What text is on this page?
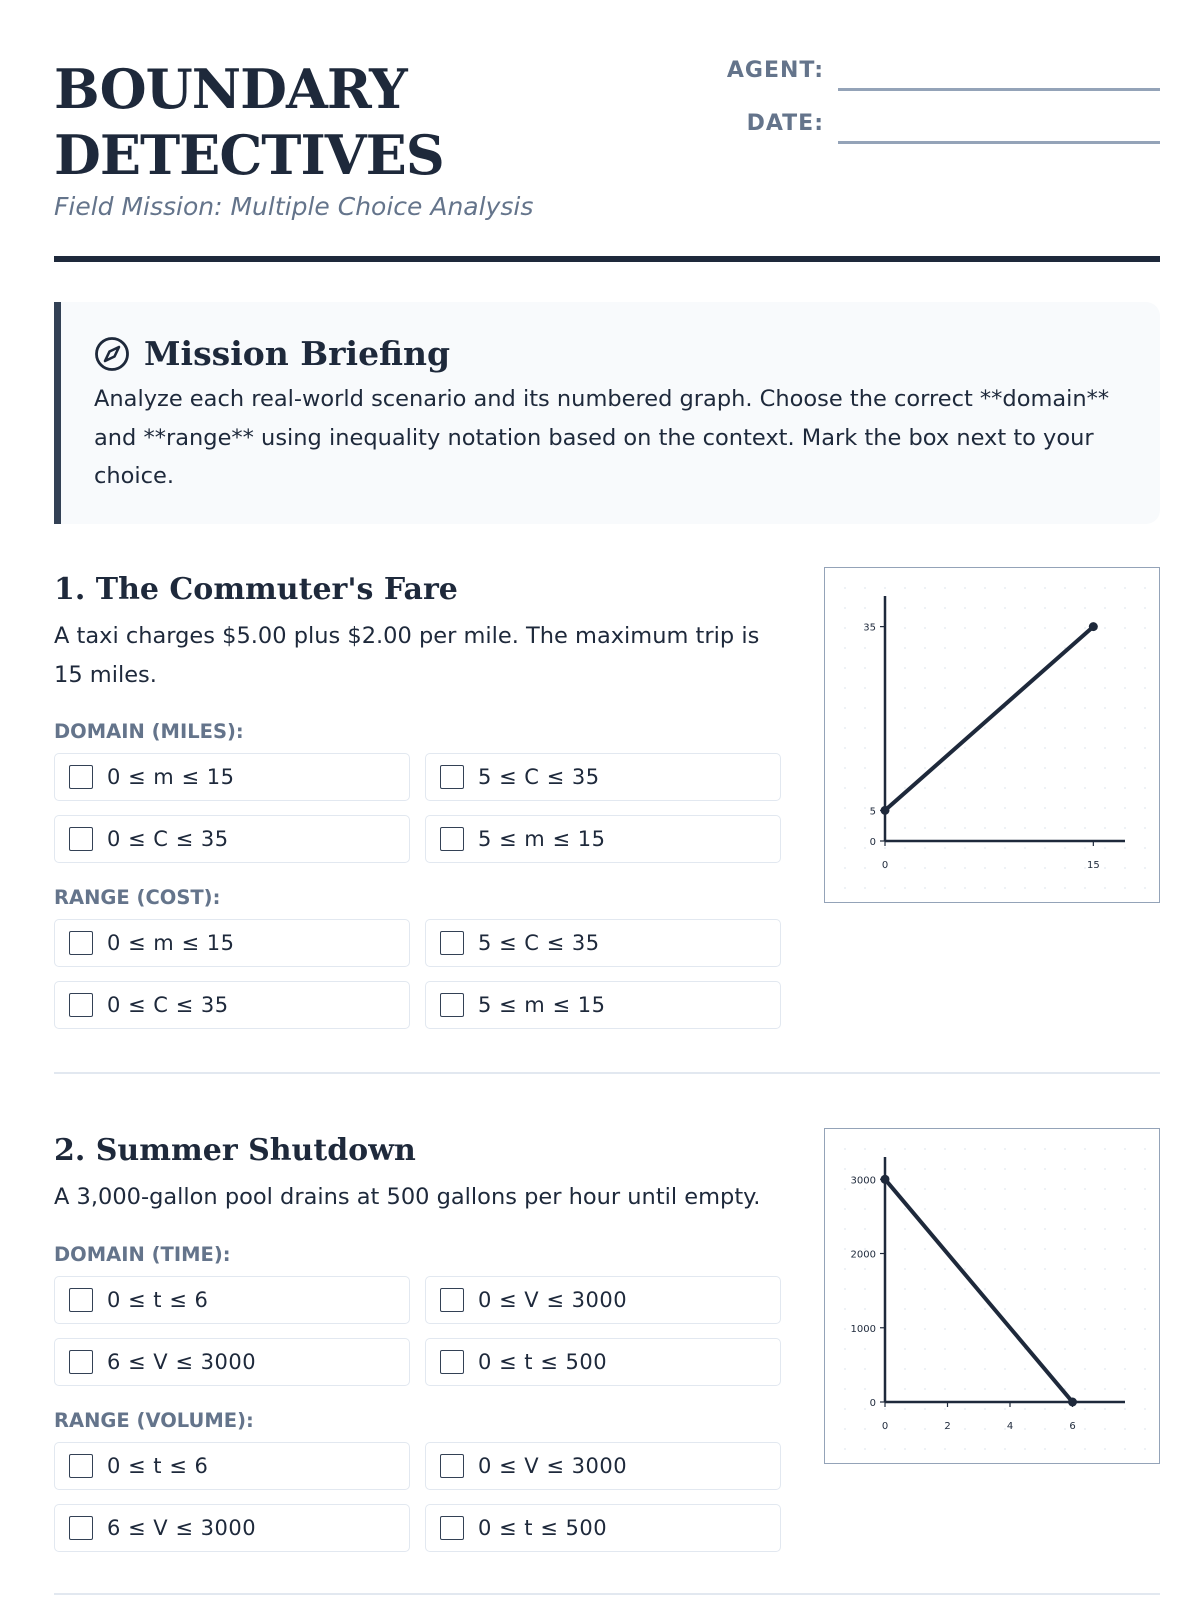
BOUNDARY
DETECTIVES
Field Mission: Multiple Choice Analysis
AGENT:
DATE:
Mission Briefing
Analyze each real-world scenario and its numbered graph. Choose the correct **domain** and **range** using inequality notation based on the context. Mark the box next to your choice.
1. The Commuter's Fare
A taxi charges $5.00 plus $2.00 per mile. The maximum trip is 15 miles.
DOMAIN (MILES):
0 ≤ m ≤ 15	5 ≤ C ≤ 35
0 ≤ C ≤ 35	5 ≤ m ≤ 15
RANGE (COST):
0 ≤ m ≤ 15	5 ≤ C ≤ 35
0 ≤ C ≤ 35	5 ≤ m ≤ 15
0	15
0
5
35
2. Summer Shutdown
A 3,000-gallon pool drains at 500 gallons per hour until empty.
DOMAIN (TIME):
0 ≤ t ≤ 6	0 ≤ V ≤ 3000
6 ≤ V ≤ 3000	0 ≤ t ≤ 500
RANGE (VOLUME):
0 ≤ t ≤ 6	0 ≤ V ≤ 3000
6 ≤ V ≤ 3000	0 ≤ t ≤ 500
0	2	4	6
0
1000
2000
3000
